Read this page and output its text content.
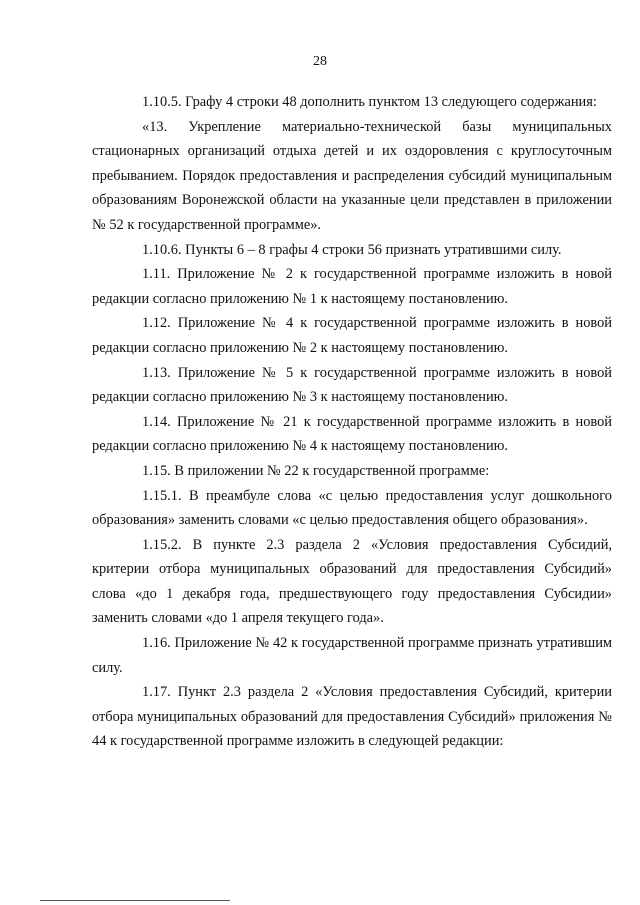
28

1.10.5. Графу 4 строки 48 дополнить пунктом 13 следующего содержания:

«13. Укрепление материально-технической базы муниципальных стационарных организаций отдыха детей и их оздоровления с круглосуточным пребыванием. Порядок предоставления и распределения субсидий муниципальным образованиям Воронежской области на указанные цели представлен в приложении № 52 к государственной программе».

1.10.6. Пункты 6 – 8 графы 4 строки 56 признать утратившими силу.

1.11. Приложение № 2 к государственной программе изложить в новой редакции согласно приложению № 1 к настоящему постановлению.

1.12. Приложение № 4 к государственной программе изложить в новой редакции согласно приложению № 2 к настоящему постановлению.

1.13. Приложение № 5 к государственной программе изложить в новой редакции согласно приложению № 3 к настоящему постановлению.

1.14. Приложение № 21 к государственной программе изложить в новой редакции согласно приложению № 4 к настоящему постановлению.

1.15. В приложении № 22 к государственной программе:

1.15.1. В преамбуле слова «с целью предоставления услуг дошкольного образования» заменить словами «с целью предоставления общего образования».

1.15.2. В пункте 2.3 раздела 2 «Условия предоставления Субсидий, критерии отбора муниципальных образований для предоставления Субсидий» слова «до 1 декабря года, предшествующего году предоставления Субсидии» заменить словами «до 1 апреля текущего года».

1.16. Приложение № 42 к государственной программе признать утратившим силу.

1.17. Пункт 2.3 раздела 2 «Условия предоставления Субсидий, критерии отбора муниципальных образований для предоставления Субсидий» приложения № 44 к государственной программе изложить в следующей редакции:
